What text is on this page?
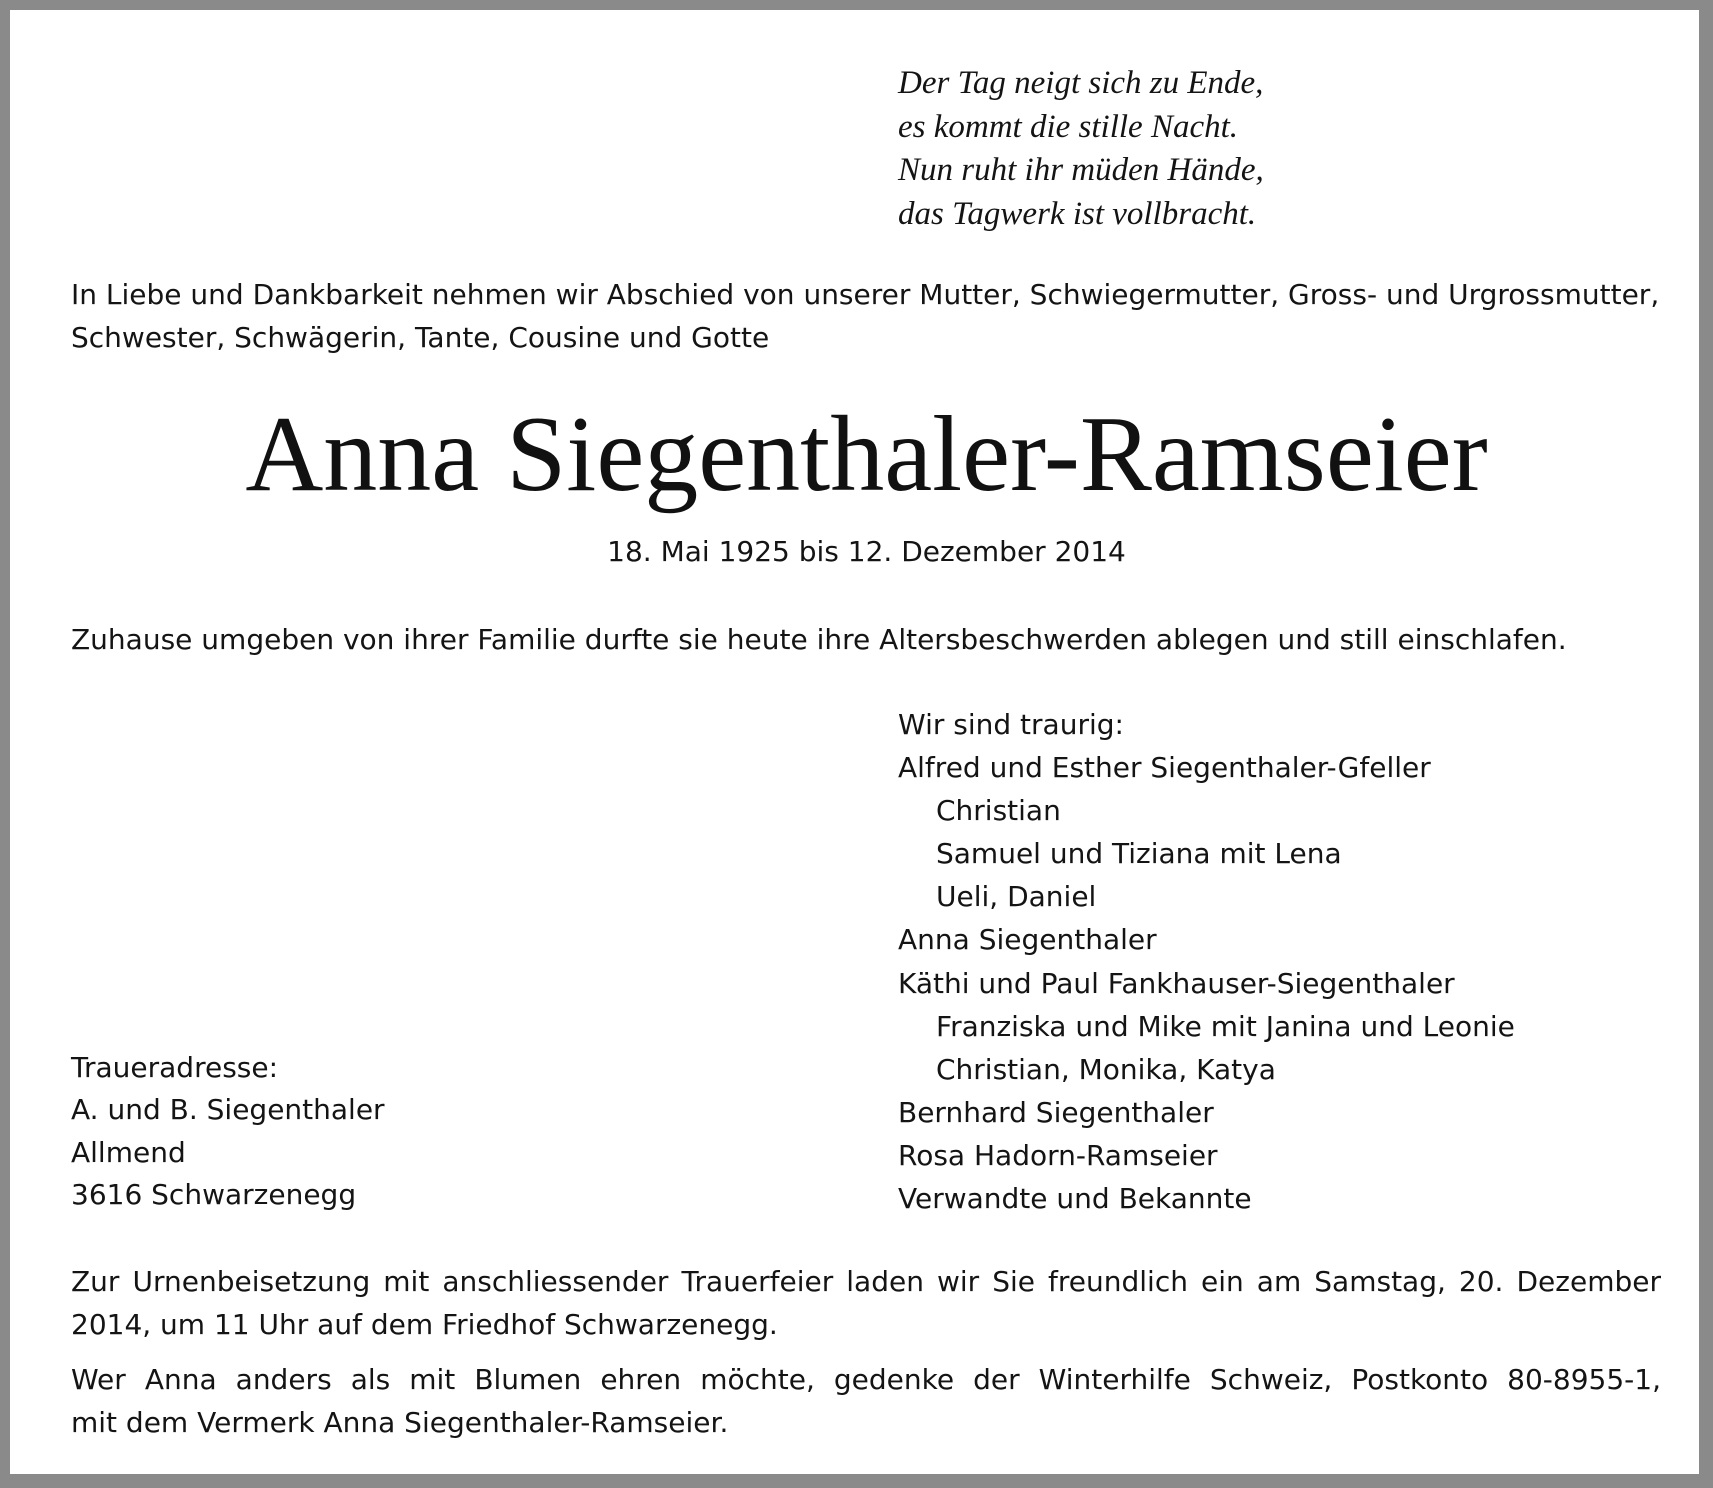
Der Tag neigt sich zu Ende,
es kommt die stille Nacht.
Nun ruht ihr müden Hände,
das Tagwerk ist vollbracht.
In Liebe und Dankbarkeit nehmen wir Abschied von unserer Mutter, Schwiegermutter, Gross- und Urgrossmutter,
Schwester, Schwägerin, Tante, Cousine und Gotte
Anna Siegenthaler-Ramseier
18. Mai 1925 bis 12. Dezember 2014
Zuhause umgeben von ihrer Familie durfte sie heute ihre Altersbeschwerden ablegen und still einschlafen.
Wir sind traurig:
Alfred und Esther Siegenthaler-Gfeller
Christian
Samuel und Tiziana mit Lena
Ueli, Daniel
Anna Siegenthaler
Käthi und Paul Fankhauser-Siegenthaler
Franziska und Mike mit Janina und Leonie
Christian, Monika, Katya
Bernhard Siegenthaler
Rosa Hadorn-Ramseier
Verwandte und Bekannte
Traueradresse:
A. und B. Siegenthaler
Allmend
3616 Schwarzenegg
Zur Urnenbeisetzung mit anschliessender Trauerfeier laden wir Sie freundlich ein am Samstag, 20. Dezember
2014, um 11 Uhr auf dem Friedhof Schwarzenegg.
Wer Anna anders als mit Blumen ehren möchte, gedenke der Winterhilfe Schweiz, Postkonto 80-8955-1,
mit dem Vermerk Anna Siegenthaler-Ramseier.
